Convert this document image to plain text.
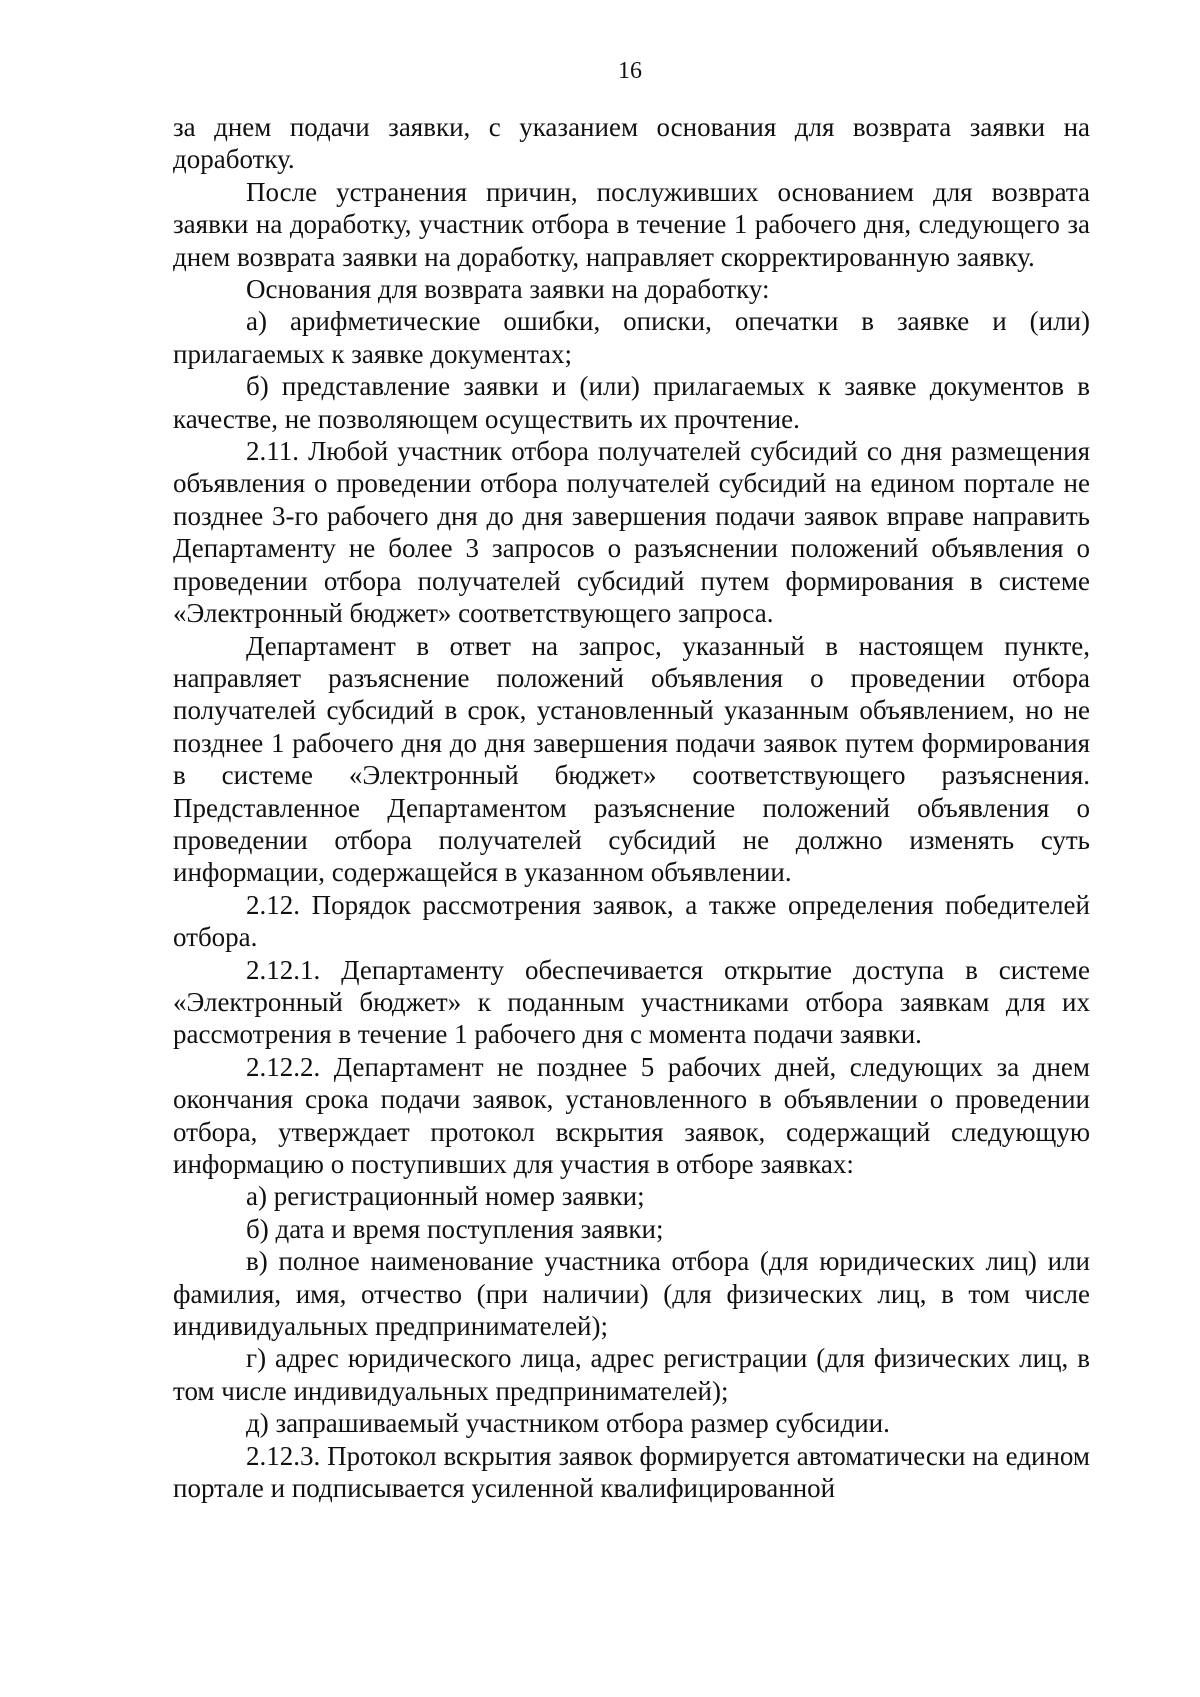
16

за днем подачи заявки, с указанием основания для возврата заявки на доработку.

После устранения причин, послуживших основанием для возврата заявки на доработку, участник отбора в течение 1 рабочего дня, следующего за днем возврата заявки на доработку, направляет скорректированную заявку.

Основания для возврата заявки на доработку:

а) арифметические ошибки, описки, опечатки в заявке и (или) прилагаемых к заявке документах;

б) представление заявки и (или) прилагаемых к заявке документов в качестве, не позволяющем осуществить их прочтение.

2.11. Любой участник отбора получателей субсидий со дня размещения объявления о проведении отбора получателей субсидий на едином портале не позднее 3-го рабочего дня до дня завершения подачи заявок вправе направить Департаменту не более 3 запросов о разъяснении положений объявления о проведении отбора получателей субсидий путем формирования в системе «Электронный бюджет» соответствующего запроса.

Департамент в ответ на запрос, указанный в настоящем пункте, направляет разъяснение положений объявления о проведении отбора получателей субсидий в срок, установленный указанным объявлением, но не позднее 1 рабочего дня до дня завершения подачи заявок путем формирования в системе «Электронный бюджет» соответствующего разъяснения. Представленное Департаментом разъяснение положений объявления о проведении отбора получателей субсидий не должно изменять суть информации, содержащейся в указанном объявлении.

2.12. Порядок рассмотрения заявок, а также определения победителей отбора.

2.12.1. Департаменту обеспечивается открытие доступа в системе «Электронный бюджет» к поданным участниками отбора заявкам для их рассмотрения в течение 1 рабочего дня с момента подачи заявки.

2.12.2. Департамент не позднее 5 рабочих дней, следующих за днем окончания срока подачи заявок, установленного в объявлении о проведении отбора, утверждает протокол вскрытия заявок, содержащий следующую информацию о поступивших для участия в отборе заявках:

а) регистрационный номер заявки;

б) дата и время поступления заявки;

в) полное наименование участника отбора (для юридических лиц) или фамилия, имя, отчество (при наличии) (для физических лиц, в том числе индивидуальных предпринимателей);

г) адрес юридического лица, адрес регистрации (для физических лиц, в том числе индивидуальных предпринимателей);

д) запрашиваемый участником отбора размер субсидии.

2.12.3. Протокол вскрытия заявок формируется автоматически на едином портале и подписывается усиленной квалифицированной
